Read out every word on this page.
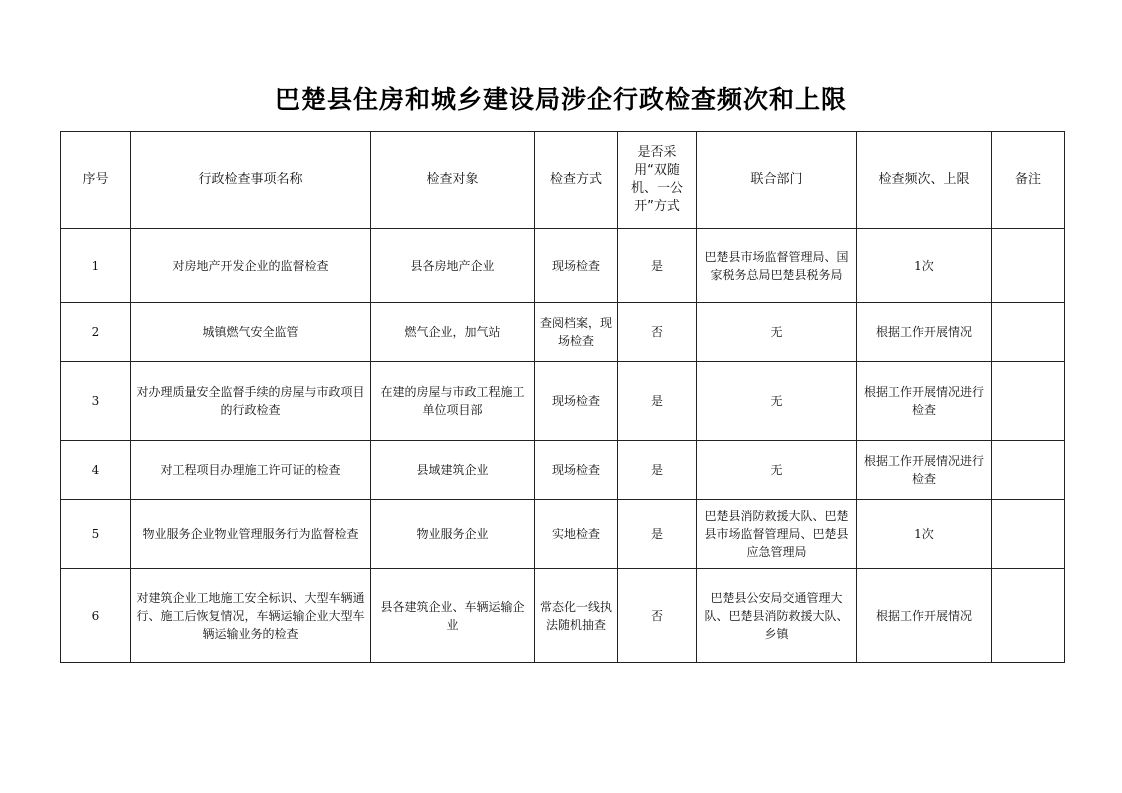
巴楚县住房和城乡建设局涉企行政检查频次和上限
序号	行政检查事项名称	检查对象	检查方式	是否采用“双随机、一公开”方式	联合部门	检查频次、上限	备注
1	对房地产开发企业的监督检查	县各房地产企业	现场检查	是	巴楚县市场监督管理局、国家税务总局巴楚县税务局	1次	
2	城镇燃气安全监管	燃气企业，加气站	查阅档案，现场检查	否	无	根据工作开展情况	
3	对办理质量安全监督手续的房屋与市政项目的行政检查	在建的房屋与市政工程施工单位项目部	现场检查	是	无	根据工作开展情况进行检查	
4	对工程项目办理施工许可证的检查	县域建筑企业	现场检查	是	无	根据工作开展情况进行检查	
5	物业服务企业物业管理服务行为监督检查	物业服务企业	实地检查	是	巴楚县消防救援大队、巴楚县市场监督管理局、巴楚县应急管理局	1次	
6	对建筑企业工地施工安全标识、大型车辆通行、施工后恢复情况，车辆运输企业大型车辆运输业务的检查	县各建筑企业、车辆运输企业	常态化一线执法随机抽查	否	巴楚县公安局交通管理大队、巴楚县消防救援大队、乡镇	根据工作开展情况	
